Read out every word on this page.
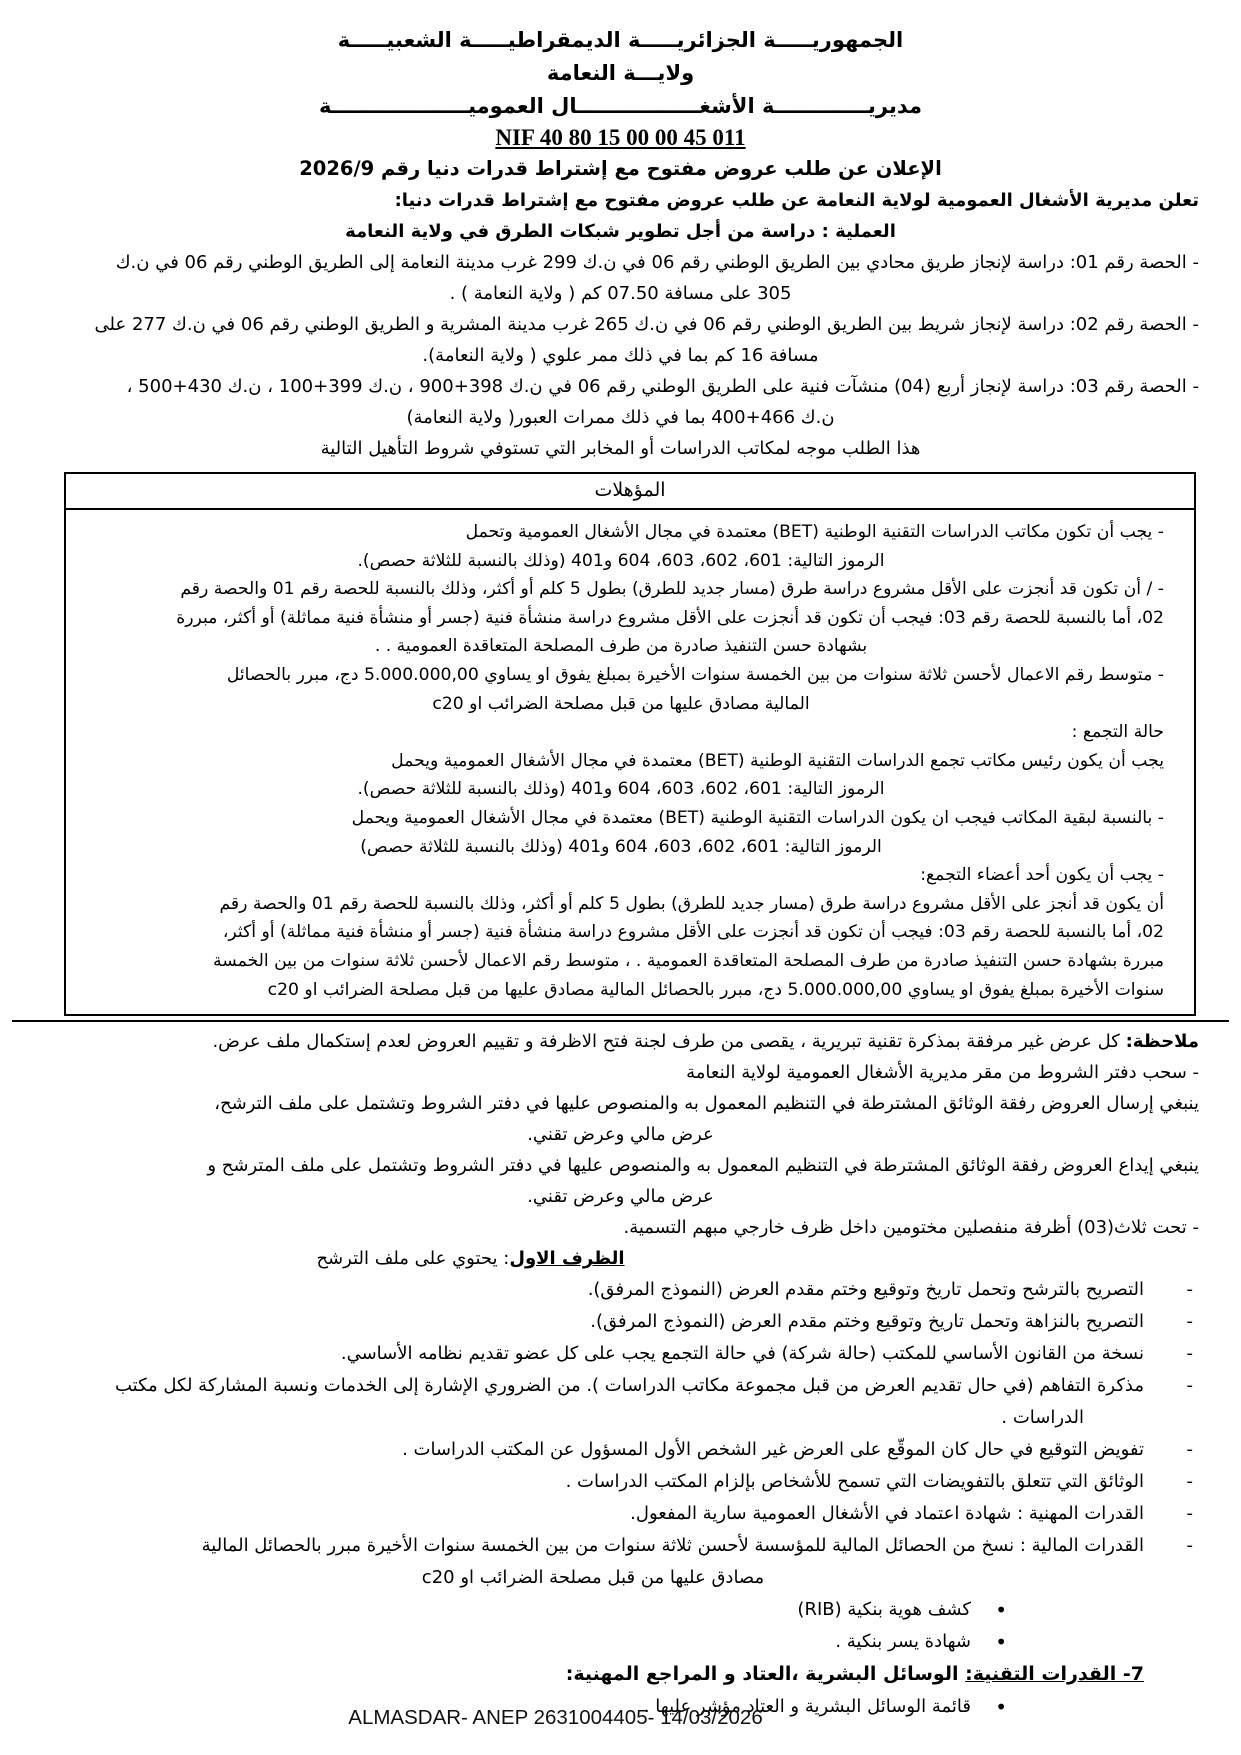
الجمهوريـــــة الجزائريـــــة الديمقراطيـــــة الشعبيـــــة
ولايـــة النعامة
مديريـــــــــــــة الأشغـــــــــــــــــال العموميـــــــــــــــــــة
NIF 40 80 15 00 00 45 011
الإعلان عن طلب عروض مفتوح مع إشتراط قدرات دنيا رقم 2026/9
تعلن مديرية الأشغال العمومية لولاية النعامة عن طلب عروض مفتوح مع إشتراط قدرات دنيا:
العملية : دراسة من أجل تطوير شبكات الطرق في ولاية النعامة
- الحصة رقم 01: دراسة لإنجاز طريق محادي بين الطريق الوطني رقم 06 في ن.ك 299 غرب مدينة النعامة إلى الطريق الوطني رقم 06 في ن.ك
305 على مسافة 07.50 كم ( ولاية النعامة ) .
- الحصة رقم 02: دراسة لإنجاز شريط بين الطريق الوطني رقم 06 في ن.ك 265 غرب مدينة المشرية و الطريق الوطني رقم 06 في ن.ك 277 على
مسافة 16 كم بما في ذلك ممر علوي ( ولاية النعامة).
- الحصة رقم 03: دراسة لإنجاز أربع (04) منشآت فنية على الطريق الوطني رقم 06 في ن.ك 398+900 ، ن.ك 399+100 ، ن.ك 430+500 ،
ن.ك 466+400 بما في ذلك ممرات العبور( ولاية النعامة)
هذا الطلب موجه لمكاتب الدراسات أو المخابر التي تستوفي شروط التأهيل التالية
المؤهلات
- يجب أن تكون مكاتب الدراسات التقنية الوطنية (BET) معتمدة في مجال الأشغال العمومية وتحمل
الرموز التالية: 601، 602، 603، 604 و401 (وذلك بالنسبة للثلاثة حصص).
- / أن تكون قد أنجزت على الأقل مشروع دراسة طرق (مسار جديد للطرق) بطول 5 كلم أو أكثر، وذلك بالنسبة للحصة رقم 01 والحصة رقم
02، أما بالنسبة للحصة رقم 03: فيجب أن تكون قد أنجزت على الأقل مشروع دراسة منشأة فنية (جسر أو منشأة فنية مماثلة) أو أكثر، مبررة
بشهادة حسن التنفيذ صادرة من طرف المصلحة المتعاقدة العمومية . .
- متوسط رقم الاعمال لأحسن ثلاثة سنوات من بين الخمسة سنوات الأخيرة بمبلغ يفوق او يساوي 5.000.000,00 دج، مبرر بالحصائل
المالية مصادق عليها من قبل مصلحة الضرائب او c20
حالة التجمع :
يجب أن يكون رئيس مكاتب تجمع الدراسات التقنية الوطنية (BET) معتمدة في مجال الأشغال العمومية ويحمل
الرموز التالية: 601، 602، 603، 604 و401 (وذلك بالنسبة للثلاثة حصص).
- بالنسبة لبقية المكاتب فيجب ان يكون الدراسات التقنية الوطنية (BET) معتمدة في مجال الأشغال العمومية ويحمل
الرموز التالية: 601، 602، 603، 604 و401 (وذلك بالنسبة للثلاثة حصص)
- يجب أن يكون أحد أعضاء التجمع:
أن يكون قد أنجز على الأقل مشروع دراسة طرق (مسار جديد للطرق) بطول 5 كلم أو أكثر، وذلك بالنسبة للحصة رقم 01 والحصة رقم
02، أما بالنسبة للحصة رقم 03: فيجب أن تكون قد أنجزت على الأقل مشروع دراسة منشأة فنية (جسر أو منشأة فنية مماثلة) أو أكثر،
مبررة بشهادة حسن التنفيذ صادرة من طرف المصلحة المتعاقدة العمومية . ، متوسط رقم الاعمال لأحسن ثلاثة سنوات من بين الخمسة
سنوات الأخيرة بمبلغ يفوق او يساوي 5.000.000,00 دج، مبرر بالحصائل المالية مصادق عليها من قبل مصلحة الضرائب او c20
ملاحظة: كل عرض غير مرفقة بمذكرة تقنية تبريرية ، يقصى من طرف لجنة فتح الاظرفة و تقييم العروض لعدم إستكمال ملف عرض.
- سحب دفتر الشروط من مقر مديرية الأشغال العمومية لولاية النعامة
ينبغي إرسال العروض رفقة الوثائق المشترطة في التنظيم المعمول به والمنصوص عليها في دفتر الشروط وتشتمل على ملف الترشح،
عرض مالي وعرض تقني.
ينبغي إيداع العروض رفقة الوثائق المشترطة في التنظيم المعمول به والمنصوص عليها في دفتر الشروط وتشتمل على ملف المترشح و
عرض مالي وعرض تقني.
- تحت ثلاث(03) أظرفة منفصلين مختومين داخل ظرف خارجي مبهم التسمية.
الظرف الاول: يحتوي على ملف الترشح
- التصريح بالترشح وتحمل تاريخ وتوقيع وختم مقدم العرض (النموذج المرفق).
- التصريح بالنزاهة وتحمل تاريخ وتوقيع وختم مقدم العرض (النموذج المرفق).
- نسخة من القانون الأساسي للمكتب (حالة شركة) في حالة التجمع يجب على كل عضو تقديم نظامه الأساسي.
- مذكرة التفاهم (في حال تقديم العرض من قبل مجموعة مكاتب الدراسات ). من الضروري الإشارة إلى الخدمات ونسبة المشاركة لكل مكتب
الدراسات .
- تفويض التوقيع في حال كان الموقّع على العرض غير الشخص الأول المسؤول عن المكتب الدراسات .
- الوثائق التي تتعلق بالتفويضات التي تسمح للأشخاص بإلزام المكتب الدراسات .
- القدرات المهنية : شهادة اعتماد في الأشغال العمومية سارية المفعول.
- القدرات المالية : نسخ من الحصائل المالية للمؤسسة لأحسن ثلاثة سنوات من بين الخمسة سنوات الأخيرة مبرر بالحصائل المالية
مصادق عليها من قبل مصلحة الضرائب او c20
• كشف هوية بنكية (RIB)
• شهادة يسر بنكية .
7- القدرات التقنية: الوسائل البشرية ،العتاد و المراجع المهنية:
• قائمة الوسائل البشرية و العتاد مؤشر عليها .
ALMASDAR- ANEP 2631004405- 14/03/2026
